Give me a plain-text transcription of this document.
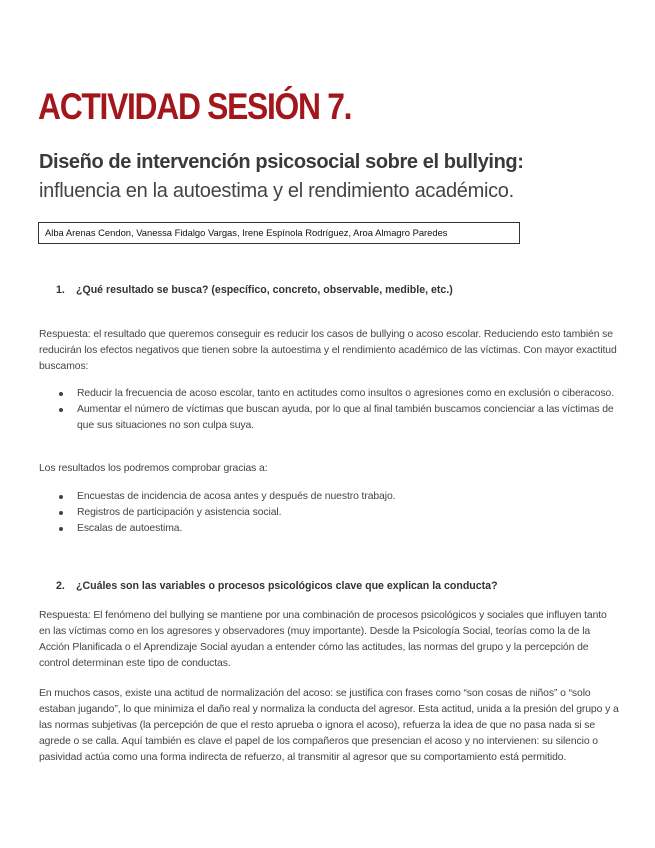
ACTIVIDAD SESIÓN 7.

Diseño de intervención psicosocial sobre el bullying:

influencia en la autoestima y el rendimiento académico.

Alba Arenas Cendon, Vanessa Fidalgo Vargas, Irene Espínola Rodríguez, Aroa Almagro Paredes

1. ¿Qué resultado se busca? (específico, concreto, observable, medible, etc.)

Respuesta: el resultado que queremos conseguir es reducir los casos de bullying o acoso escolar. Reduciendo esto también se reducirán los efectos negativos que tienen sobre la autoestima y el rendimiento académico de las víctimas. Con mayor exactitud buscamos:

Reducir la frecuencia de acoso escolar, tanto en actitudes como insultos o agresiones como en exclusión o ciberacoso.
Aumentar el número de víctimas que buscan ayuda, por lo que al final también buscamos concienciar a las víctimas de que sus situaciones no son culpa suya.

Los resultados los podremos comprobar gracias a:

Encuestas de incidencia de acosa antes y después de nuestro trabajo.
Registros de participación y asistencia social.
Escalas de autoestima.

2. ¿Cuáles son las variables o procesos psicológicos clave que explican la conducta?

Respuesta: El fenómeno del bullying se mantiene por una combinación de procesos psicológicos y sociales que influyen tanto en las víctimas como en los agresores y observadores (muy importante). Desde la Psicología Social, teorías como la de la Acción Planificada o el Aprendizaje Social ayudan a entender cómo las actitudes, las normas del grupo y la percepción de control determinan este tipo de conductas.

En muchos casos, existe una actitud de normalización del acoso: se justifica con frases como “son cosas de niños” o “solo estaban jugando”, lo que minimiza el daño real y normaliza la conducta del agresor. Esta actitud, unida a la presión del grupo y a las normas subjetivas (la percepción de que el resto aprueba o ignora el acoso), refuerza la idea de que no pasa nada si se agrede o se calla. Aquí también es clave el papel de los compañeros que presencian el acoso y no intervienen: su silencio o pasividad actúa como una forma indirecta de refuerzo, al transmitir al agresor que su comportamiento está permitido.
